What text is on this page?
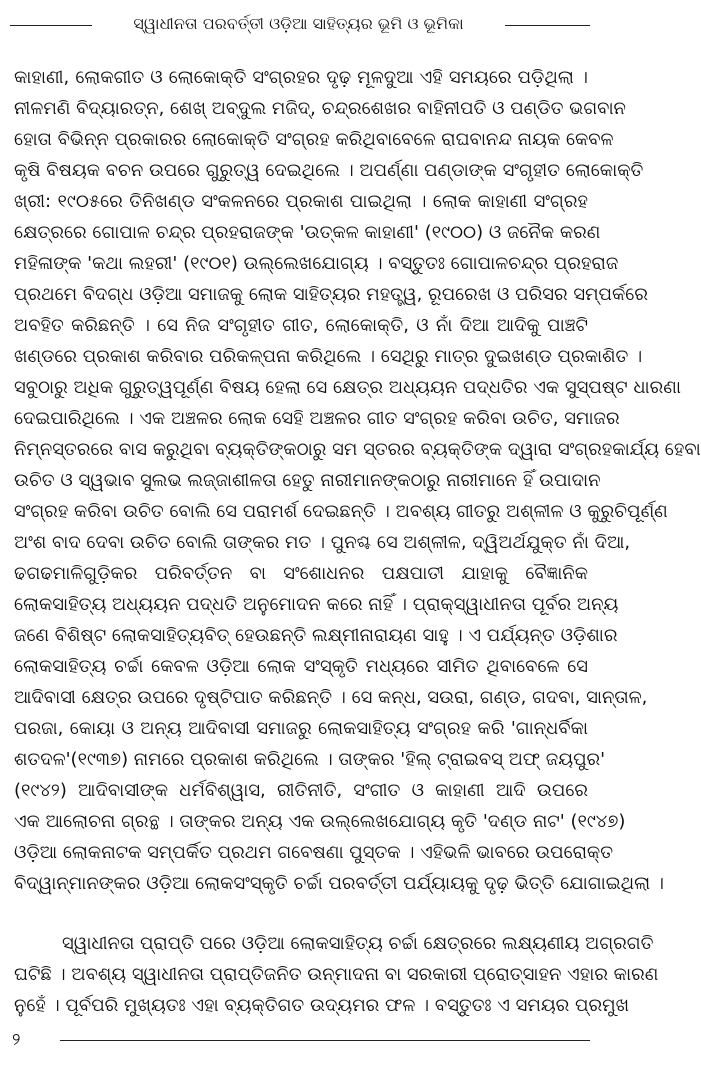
ସ୍ୱାଧୀନତା ପରବର୍ତ୍ତୀ ଓଡ଼ିଆ ସାହିତ୍ୟର ଭୂମି ଓ ଭୂମିକା
କାହାଣୀ, ଲୋକଗୀତ ଓ ଲୋକୋକ୍ତି ସଂଗ୍ରହର ଦୃଢ଼ ମୂଳଦୁଆ ଏହି ସମୟରେ ପଡ଼ିଥିଲା ।
ନୀଳମଣି ବିଦ୍ୟାରତ୍ନ, ଶେଖ୍ ଅବ୍‌ଦୁଲ ମଜିଦ୍, ଚନ୍ଦ୍ରଶେଖର ବାହିନୀପତି ଓ ପଣ୍ଡିତ ଭଗବାନ
ହୋତା ବିଭିନ୍ନ ପ୍ରକାରର ଲୋକୋକ୍ତି ସଂଗ୍ରହ କରିଥିବାବେଳେ ରାଘବାନନ୍ଦ ନାୟକ କେବଳ
କୃଷି ବିଷୟକ ବଚନ ଉପରେ ଗୁରୁତ୍ୱ ଦେଇଥିଲେ । ଅପର୍ଣ୍ଣା ପଣ୍ଡାଙ୍କ ସଂଗୃହୀତ ଲୋକୋକ୍ତି
ଖ୍ରୀ: ୧୯୦୫ରେ ତିନିଖଣ୍ଡ ସଂକଳନରେ ପ୍ରକାଶ ପାଇଥିଲା । ଲୋକ କାହାଣୀ ସଂଗ୍ରହ
କ୍ଷେତ୍ରରେ ଗୋପାଳ ଚନ୍ଦ୍ର ପ୍ରହରାଜଙ୍କ 'ଉତ୍କଳ କାହାଣୀ' (୧୯୦୦) ଓ ଜନୈକ କରଣ
ମହିଳାଙ୍କ 'କଥା ଲହରୀ' (୧୯୦୧) ଉଲ୍ଲେଖଯୋଗ୍ୟ । ବସ୍ତୁତଃ ଗୋପାଳଚନ୍ଦ୍ର ପ୍ରହରାଜ
ପ୍ରଥମେ ବିଦଗ୍ଧ ଓଡ଼ିଆ ସମାଜକୁ ଲୋକ ସାହିତ୍ୟର ମହତ୍ତ୍ୱ, ରୂପରେଖ ଓ ପରିସର ସମ୍ପର୍କରେ
ଅବହିତ କରିଛନ୍ତି । ସେ ନିଜ ସଂଗୃହୀତ ଗୀତ, ଲୋକୋକ୍ତି, ଓ ନାଁ ଦିଆ ଆଦିକୁ ପାଞ୍ଚଟି
ଖଣ୍ଡରେ ପ୍ରକାଶ କରିବାର ପରିକଳ୍ପନା କରିଥିଲେ । ସେଥିରୁ ମାତ୍ର ଦୁଇଖଣ୍ଡ ପ୍ରକାଶିତ ।
ସବୁଠାରୁ ଅଧିକ ଗୁରୁତ୍ୱପୂର୍ଣ୍ଣ ବିଷୟ ହେଲା ସେ କ୍ଷେତ୍ର ଅଧ୍ୟୟନ ପଦ୍ଧତିର ଏକ ସୁସ୍ପଷ୍ଟ ଧାରଣା
ଦେଇପାରିଥିଲେ । ଏକ ଅଞ୍ଚଳର ଲୋକ ସେହି ଅଞ୍ଚଳର ଗୀତ ସଂଗ୍ରହ କରିବା ଉଚିତ, ସମାଜର
ନିମ୍ନସ୍ତରରେ ବାସ କରୁଥିବା ବ୍ୟକ୍ତିଙ୍କଠାରୁ ସମ ସ୍ତରର ବ୍ୟକ୍ତିଙ୍କ ଦ୍ୱାରା ସଂଗ୍ରହକାର୍ଯ୍ୟ ହେବା
ଉଚିତ ଓ ସ୍ୱଭାବ ସୁଲଭ ଲଜ୍ଜାଶୀଳତା ହେତୁ ନାରୀମାନଙ୍କଠାରୁ ନାରୀମାନେ ହିଁ ଉପାଦାନ
ସଂଗ୍ରହ କରିବା ଉଚିତ ବୋଲି ସେ ପରାମର୍ଶ ଦେଇଛନ୍ତି । ଅବଶ୍ୟ ଗୀତରୁ ଅଶ୍ଳୀଳ ଓ କୁରୁଚିପୂର୍ଣ୍ଣ
ଅଂଶ ବାଦ ଦେବା ଉଚିତ ବୋଲି ତାଙ୍କର ମତ । ପୁନଶ୍ଚ ସେ ଅଶ୍ଳୀଳ, ଦ୍ୱିଅର୍ଥଯୁକ୍ତ ନାଁ ଦିଆ,
ଢଗଢମାଳିଗୁଡ଼ିକର ପରିବର୍ତ୍ତନ ବା ସଂଶୋଧନର ପକ୍ଷପାତୀ ଯାହାକୁ ବୈଜ୍ଞାନିକ
ଲୋକସାହିତ୍ୟ ଅଧ୍ୟୟନ ପଦ୍ଧତି ଅନୁମୋଦନ କରେ ନାହିଁ । ପ୍ରାକ୍‌ସ୍ୱାଧୀନତା ପୂର୍ବର ଅନ୍ୟ
ଜଣେ ବିଶିଷ୍ଟ ଲୋକସାହିତ୍ୟବିତ୍ ହେଉଛନ୍ତି ଲକ୍ଷ୍ମୀନାରାୟଣ ସାହୁ । ଏ ପର୍ଯ୍ୟନ୍ତ ଓଡ଼ିଶାର
ଲୋକସାହିତ୍ୟ ଚର୍ଚ୍ଚା କେବଳ ଓଡ଼ିଆ ଲୋକ ସଂସ୍କୃତି ମଧ୍ୟରେ ସୀମିତ ଥିବାବେଳେ ସେ
ଆଦିବାସୀ କ୍ଷେତ୍ର ଉପରେ ଦୃଷ୍ଟିପାତ କରିଛନ୍ତି । ସେ କନ୍ଧ, ସଉରା, ଗଣ୍ଡ, ଗଦବା, ସାନ୍ତାଳ,
ପରଜା, କୋୟା ଓ ଅନ୍ୟ ଆଦିବାସୀ ସମାଜରୁ ଲୋକସାହିତ୍ୟ ସଂଗ୍ରହ କରି 'ଗାନ୍ଧର୍ବିକା
ଶତଦଳ'(୧୯୩୭) ନାମରେ ପ୍ରକାଶ କରିଥିଲେ । ତାଙ୍କର 'ହିଲ୍ ଟ୍ରାଇବସ୍ ଅଫ୍ ଜୟପୁର'
(୧୯୪୨) ଆଦିବାସୀଙ୍କ ଧର୍ମବିଶ୍ୱାସ, ରୀତିନୀତି, ସଂଗୀତ ଓ କାହାଣୀ ଆଦି ଉପରେ
ଏକ ଆଲୋଚନା ଗ୍ରନ୍ଥ । ତାଙ୍କର ଅନ୍ୟ ଏକ ଉଲ୍ଲେଖଯୋଗ୍ୟ କୃତି 'ଦଣ୍ଡ ନାଟ' (୧୯୪୭)
ଓଡ଼ିଆ ଲୋକନାଟକ ସମ୍ପର୍କିତ ପ୍ରଥମ ଗବେଷଣା ପୁସ୍ତକ । ଏହିଭଳି ଭାବରେ ଉପରୋକ୍ତ
ବିଦ୍ୱାନ୍‌ମାନଙ୍କର ଓଡ଼ିଆ ଲୋକସଂସ୍କୃତି ଚର୍ଚ୍ଚା ପରବର୍ତ୍ତୀ ପର୍ଯ୍ୟାୟକୁ ଦୃଢ଼ ଭିତ୍ତି ଯୋଗାଇଥିଲା ।
ସ୍ୱାଧୀନତା ପ୍ରାପ୍ତି ପରେ ଓଡ଼ିଆ ଲୋକସାହିତ୍ୟ ଚର୍ଚ୍ଚା କ୍ଷେତ୍ରରେ ଲକ୍ଷ୍ୟଣୀୟ ଅଗ୍ରଗତି
ଘଟିଛି । ଅବଶ୍ୟ ସ୍ୱାଧୀନତା ପ୍ରାପ୍ତିଜନିତ ଉନ୍ମାଦନା ବା ସରକାରୀ ପ୍ରୋତ୍ସାହନ ଏହାର କାରଣ
ନୁହେଁ । ପୂର୍ବପରି ମୁଖ୍ୟତଃ ଏହା ବ୍ୟକ୍ତିଗତ ଉଦ୍ୟମର ଫଳ । ବସ୍ତୁତଃ ଏ ସମୟର ପ୍ରମୁଖ
୨
